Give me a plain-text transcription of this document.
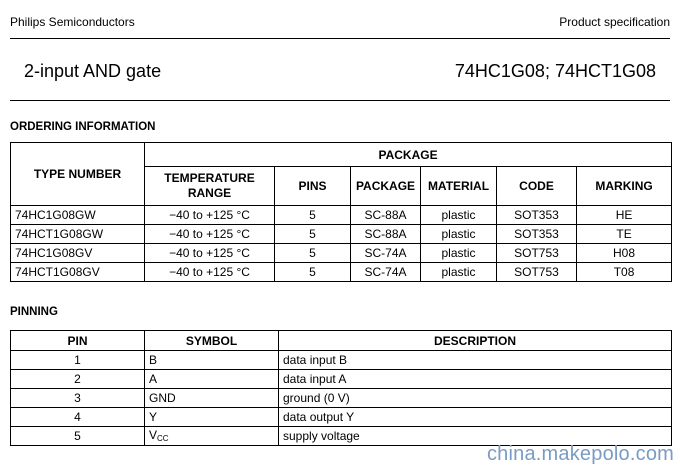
Philips Semiconductors	Product specification
2-input AND gate	74HC1G08; 74HCT1G08
ORDERING INFORMATION
TYPE NUMBER	PACKAGE					
	TEMPERATURE RANGE	PINS	PACKAGE	MATERIAL	CODE	MARKING
74HC1G08GW	−40 to +125 °C	5	SC-88A	plastic	SOT353	HE
74HCT1G08GW	−40 to +125 °C	5	SC-88A	plastic	SOT353	TE
74HC1G08GV	−40 to +125 °C	5	SC-74A	plastic	SOT753	H08
74HCT1G08GV	−40 to +125 °C	5	SC-74A	plastic	SOT753	T08
PINNING
PIN	SYMBOL	DESCRIPTION
1	B	data input B
2	A	data input A
3	GND	ground (0 V)
4	Y	data output Y
5	VCC	supply voltage
china.makepolo.com
